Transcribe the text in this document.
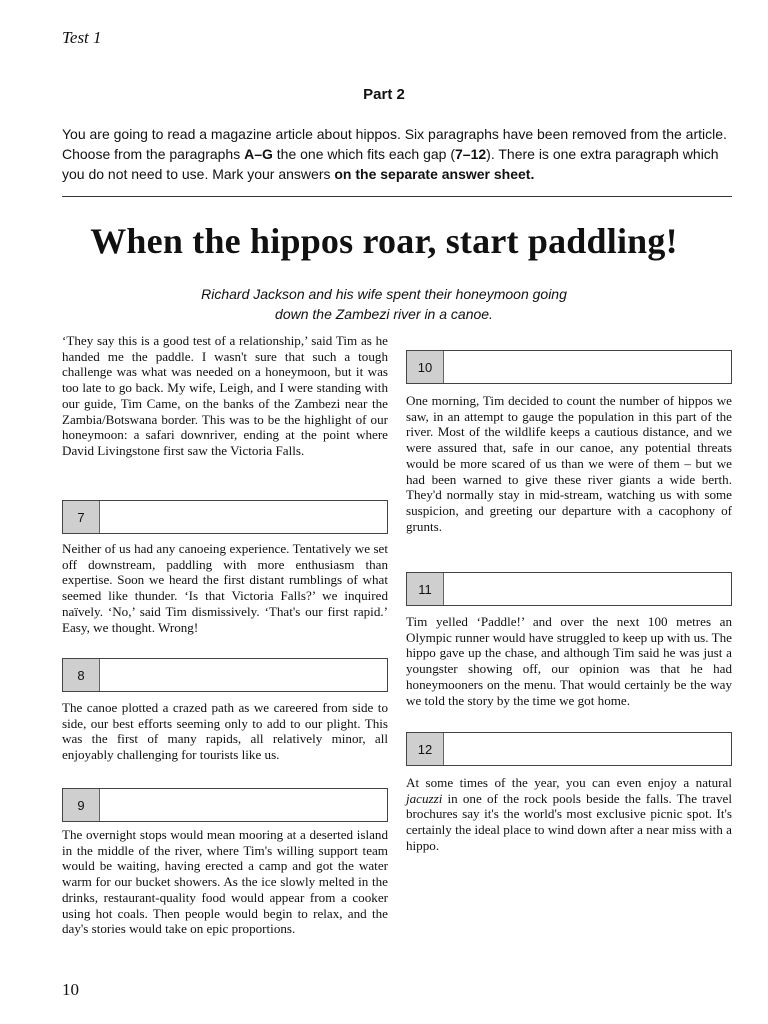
Test 1
Part 2
You are going to read a magazine article about hippos. Six paragraphs have been removed from the article. Choose from the paragraphs A–G the one which fits each gap (7–12). There is one extra paragraph which you do not need to use. Mark your answers on the separate answer sheet.
When the hippos roar, start paddling!
Richard Jackson and his wife spent their honeymoon going
down the Zambezi river in a canoe.

‘They say this is a good test of a relationship,’ said Tim as he handed me the paddle. I wasn't sure that such a tough challenge was what was needed on a honeymoon, but it was too late to go back. My wife, Leigh, and I were standing with our guide, Tim Came, on the banks of the Zambezi near the Zambia/Botswana border. This was to be the highlight of our honeymoon: a safari downriver, ending at the point where David Livingstone first saw the Victoria Falls.

7

Neither of us had any canoeing experience. Tentatively we set off downstream, paddling with more enthusiasm than expertise. Soon we heard the first distant rumblings of what seemed like thunder. ‘Is that Victoria Falls?’ we inquired naïvely. ‘No,’ said Tim dismissively. ‘That's our first rapid.’ Easy, we thought. Wrong!

8

The canoe plotted a crazed path as we careered from side to side, our best efforts seeming only to add to our plight. This was the first of many rapids, all relatively minor, all enjoyably challenging for tourists like us.

9

The overnight stops would mean mooring at a deserted island in the middle of the river, where Tim's willing support team would be waiting, having erected a camp and got the water warm for our bucket showers. As the ice slowly melted in the drinks, restaurant-quality food would appear from a cooker using hot coals. Then people would begin to relax, and the day's stories would take on epic proportions.

10

One morning, Tim decided to count the number of hippos we saw, in an attempt to gauge the population in this part of the river. Most of the wildlife keeps a cautious distance, and we were assured that, safe in our canoe, any potential threats would be more scared of us than we were of them – but we had been warned to give these river giants a wide berth. They'd normally stay in mid-stream, watching us with some suspicion, and greeting our departure with a cacophony of grunts.

11

Tim yelled ‘Paddle!’ and over the next 100 metres an Olympic runner would have struggled to keep up with us. The hippo gave up the chase, and although Tim said he was just a youngster showing off, our opinion was that he had honeymooners on the menu. That would certainly be the way we told the story by the time we got home.

12

At some times of the year, you can even enjoy a natural jacuzzi in one of the rock pools beside the falls. The travel brochures say it's the world's most exclusive picnic spot. It's certainly the ideal place to wind down after a near miss with a hippo.

10
